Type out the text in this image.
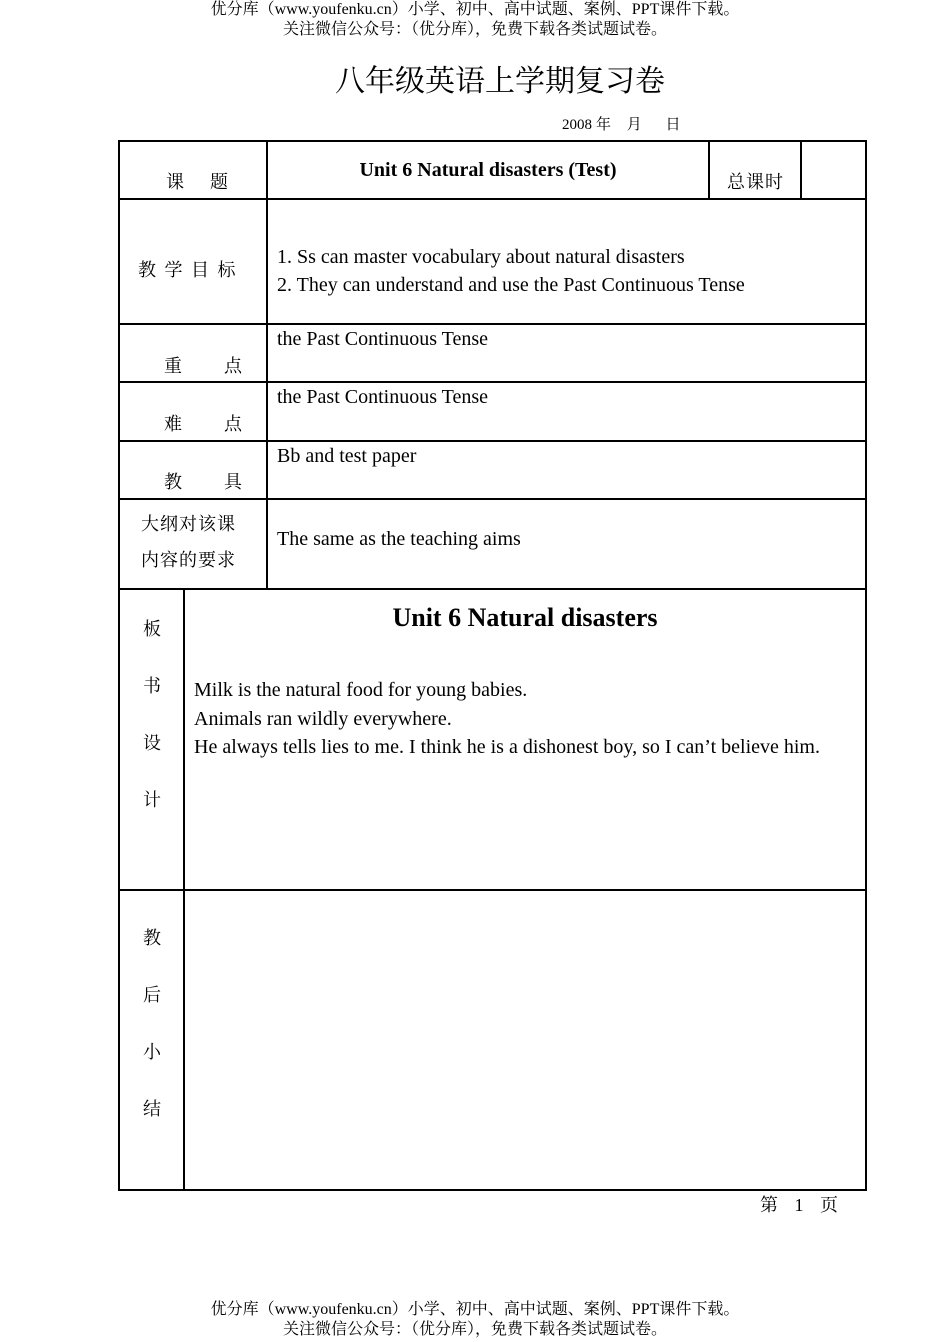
优分库（www.youfenku.cn）小学、初中、高中试题、案例、PPT课件下载。
关注微信公众号：（优分库），免费下载各类试题试卷。
八年级英语上学期复习卷
2008 年 月 日
课　题
Unit 6 Natural disasters (Test)
总课时
教 学 目 标
1. Ss can master vocabulary about natural disasters
2. They can understand and use the Past Continuous Tense
重　　点
the Past Continuous Tense
难　　点
the Past Continuous Tense
教　　具
Bb and test paper
大纲对该课
内容的要求
The same as the teaching aims
板
书
设
计
Unit 6 Natural disasters
Milk is the natural food for young babies.
Animals ran wildly everywhere.
He always tells lies to me. I think he is a dishonest boy, so I can’t believe him.
教
后
小
结
第 1 页
优分库（www.youfenku.cn）小学、初中、高中试题、案例、PPT课件下载。
关注微信公众号：（优分库），免费下载各类试题试卷。
